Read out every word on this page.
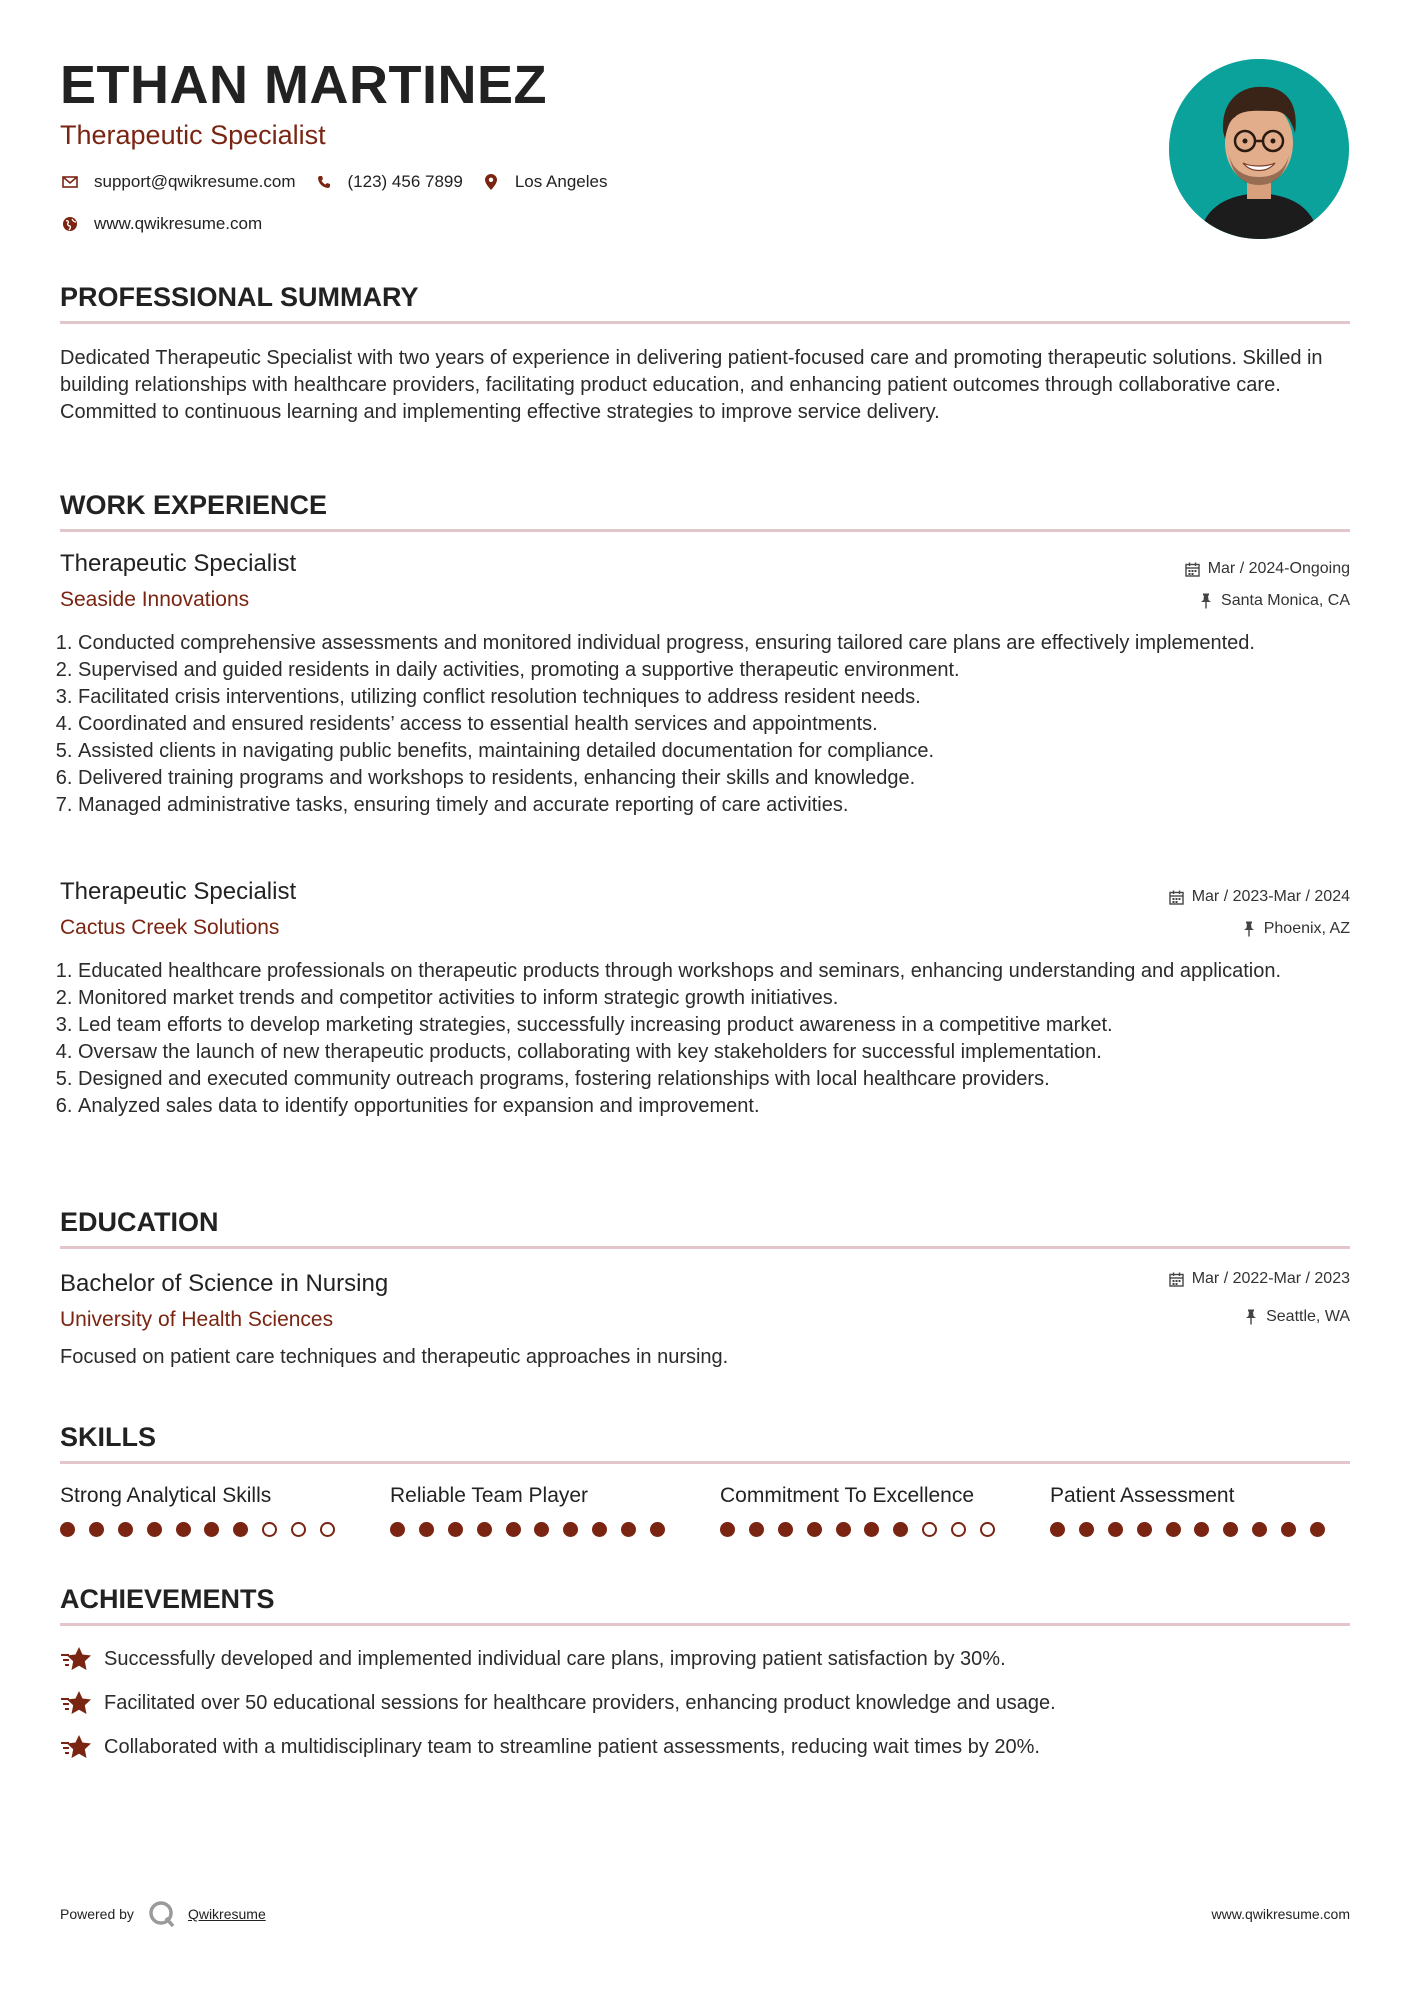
ETHAN MARTINEZ
Therapeutic Specialist
support@qwikresume.com	(123) 456 7899	Los Angeles
www.qwikresume.com
PROFESSIONAL SUMMARY

Dedicated Therapeutic Specialist with two years of experience in delivering patient-focused care and promoting therapeutic solutions. Skilled in building relationships with healthcare providers, facilitating product education, and enhancing patient outcomes through collaborative care. Committed to continuous learning and implementing effective strategies to improve service delivery.

WORK EXPERIENCE
Therapeutic Specialist	Mar / 2024-Ongoing
Seaside Innovations	Santa Monica, CA
1. Conducted comprehensive assessments and monitored individual progress, ensuring tailored care plans are effectively implemented.
2. Supervised and guided residents in daily activities, promoting a supportive therapeutic environment.
3. Facilitated crisis interventions, utilizing conflict resolution techniques to address resident needs.
4. Coordinated and ensured residents’ access to essential health services and appointments.
5. Assisted clients in navigating public benefits, maintaining detailed documentation for compliance.
6. Delivered training programs and workshops to residents, enhancing their skills and knowledge.
7. Managed administrative tasks, ensuring timely and accurate reporting of care activities.
Therapeutic Specialist	Mar / 2023-Mar / 2024
Cactus Creek Solutions	Phoenix, AZ
1. Educated healthcare professionals on therapeutic products through workshops and seminars, enhancing understanding and application.
2. Monitored market trends and competitor activities to inform strategic growth initiatives.
3. Led team efforts to develop marketing strategies, successfully increasing product awareness in a competitive market.
4. Oversaw the launch of new therapeutic products, collaborating with key stakeholders for successful implementation.
5. Designed and executed community outreach programs, fostering relationships with local healthcare providers.
6. Analyzed sales data to identify opportunities for expansion and improvement.
EDUCATION
Bachelor of Science in Nursing	Mar / 2022-Mar / 2023
University of Health Sciences	Seattle, WA

Focused on patient care techniques and therapeutic approaches in nursing.

SKILLS
Strong Analytical Skills	Reliable Team Player	Commitment To Excellence	Patient Assessment
ACHIEVEMENTS
Successfully developed and implemented individual care plans, improving patient satisfaction by 30%.
Facilitated over 50 educational sessions for healthcare providers, enhancing product knowledge and usage.
Collaborated with a multidisciplinary team to streamline patient assessments, reducing wait times by 20%.
Powered by	Qwikresume	www.qwikresume.com
